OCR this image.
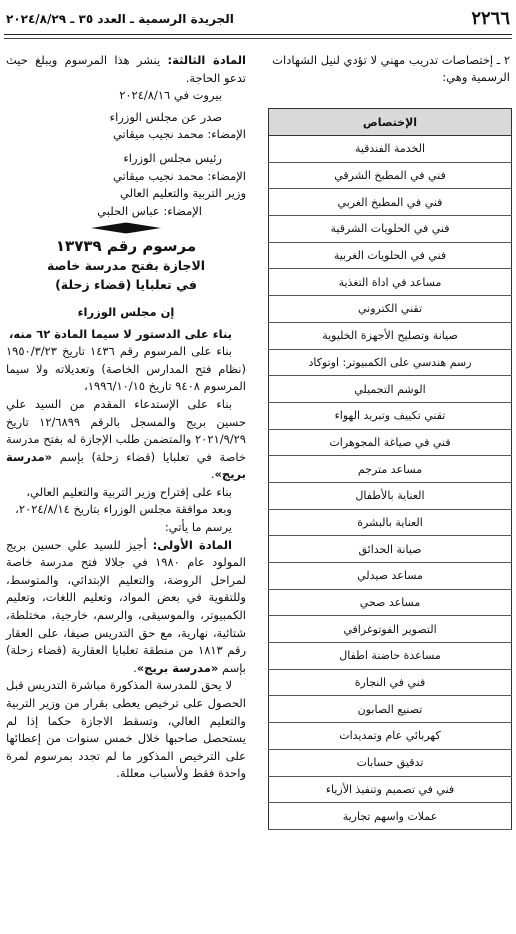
٢٢٦٦
الجريدة الرسمية ـ العدد ٣٥ ـ ٢٠٢٤/٨/٢٩

٢ ـ إختصاصات تدريب مهني لا تؤدي لنيل الشهادات الرسمية وهي:

الإختصاص
الخدمة الفندقية
فني في المطبخ الشرقي
فني في المطبخ الغربي
فني في الحلويات الشرقية
فني في الحلويات الغربية
مساعد في اداة التغذية
تقني الكتروني
صيانة وتصليح الأجهزة الخليوية
رسم هندسي على الكمبيوتر: اوتوكاد
الوشم التجميلي
تقني تكييف وتبريد الهواء
فني في صياغة المجوهرات
مساعد مترجم
العناية بالأطفال
العناية بالبشرة
صيانة الحدائق
مساعد صيدلي
مساعد صحي
التصوير الفوتوغرافي
مساعدة حاضنة اطفال
فني في النجارة
تصنيع الصابون
كهربائي عام وتمديدات
تدقيق حسابات
فني في تصميم وتنفيذ الأزياء
عملات واسهم تجارية

المادة الثالثة: ينشر هذا المرسوم ويبلغ حيث تدعو الحاجة.

بيروت في ٢٠٢٤/٨/١٦

صدر عن مجلس الوزراء

الإمضاء: محمد نجيب ميقاتي

رئيس مجلس الوزراء

الإمضاء: محمد نجيب ميقاتي

وزير التربية والتعليم العالي

الإمضاء: عباس الحلبي

مرسوم رقم ١٣٧٣٩

الاجازة بفتح مدرسة خاصة

في تعلبايا (قضاء زحلة)

إن مجلس الوزراء

بناء على الدستور لا سيما المادة ٦٢ منه،

بناء على المرسوم رقم ١٤٣٦ تاريخ ١٩٥٠/٣/٢٣ (نظام فتح المدارس الخاصة) وتعديلاته ولا سيما المرسوم ٩٤٠٨ تاريخ ١٩٩٦/١٠/١٥،

بناء على الإستدعاء المقدم من السيد علي حسين بريج والمسجل بالرقم ١٢/٦٨٩٩ تاريخ ٢٠٢١/٩/٢٩ والمتضمن طلب الإجازة له بفتح مدرسة خاصة في تعلبايا (قضاء زحلة) بإسم «مدرسة بريج».

بناء على إقتراح وزير التربية والتعليم العالي،

وبعد موافقة مجلس الوزراء بتاريخ ٢٠٢٤/٨/١٤،

يرسم ما يأتي:

المادة الأولى: أجيز للسيد علي حسين بريج المولود عام ١٩٨٠ في جلالا فتح مدرسة خاصة لمراحل الروضة، والتعليم الإبتدائي، والمتوسط، وللتقوية في بعض المواد، وتعليم اللغات، وتعليم الكمبيوتر، والموسيقى، والرسم، خارجية، مختلطة، شتائية، نهارية، مع حق التدريس صيفا، على العقار رقم ١٨١٣ من منطقة تعلبايا العقارية (قضاء زحلة) بإسم «مدرسة بريج».

لا يحق للمدرسة المذكورة مباشرة التدريس قبل الحصول على ترخيص يعطى بقرار من وزير التربية والتعليم العالي، وتسقط الاجازة حكما إذا لم يستحصل صاحبها خلال خمس سنوات من إعطائها على الترخيص المذكور ما لم تجدد بمرسوم لمرة واحدة فقط ولأسباب معللة.
